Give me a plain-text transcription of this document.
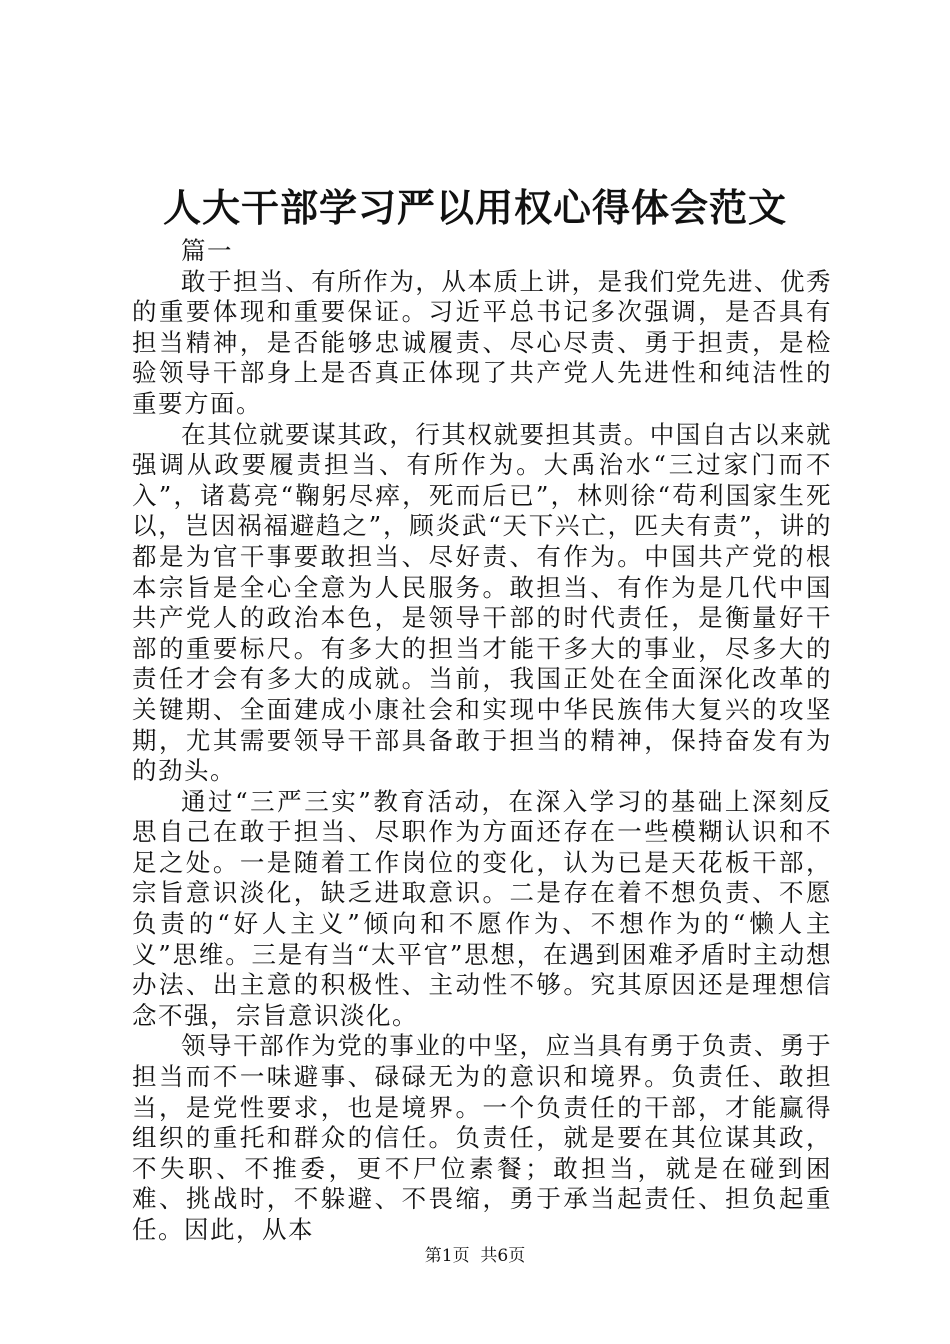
人大干部学习严以用权心得体会范文

篇一

敢于担当、有所作为，从本质上讲，是我们党先进、优秀的重要体现和重要保证。习近平总书记多次强调，是否具有担当精神，是否能够忠诚履责、尽心尽责、勇于担责，是检验领导干部身上是否真正体现了共产党人先进性和纯洁性的重要方面。

在其位就要谋其政，行其权就要担其责。中国自古以来就强调从政要履责担当、有所作为。大禹治水“三过家门而不入”，诸葛亮“鞠躬尽瘁，死而后已”，林则徐“苟利国家生死以，岂因祸福避趋之”，顾炎武“天下兴亡，匹夫有责”，讲的都是为官干事要敢担当、尽好责、有作为。中国共产党的根本宗旨是全心全意为人民服务。敢担当、有作为是几代中国共产党人的政治本色，是领导干部的时代责任，是衡量好干部的重要标尺。有多大的担当才能干多大的事业，尽多大的责任才会有多大的成就。当前，我国正处在全面深化改革的关键期、全面建成小康社会和实现中华民族伟大复兴的攻坚期，尤其需要领导干部具备敢于担当的精神，保持奋发有为的劲头。

通过“三严三实”教育活动，在深入学习的基础上深刻反思自己在敢于担当、尽职作为方面还存在一些模糊认识和不足之处。一是随着工作岗位的变化，认为已是天花板干部，宗旨意识淡化，缺乏进取意识。二是存在着不想负责、不愿负责的“好人主义”倾向和不愿作为、不想作为的“懒人主义”思维。三是有当“太平官”思想，在遇到困难矛盾时主动想办法、出主意的积极性、主动性不够。究其原因还是理想信念不强，宗旨意识淡化。

领导干部作为党的事业的中坚，应当具有勇于负责、勇于担当而不一味避事、碌碌无为的意识和境界。负责任、敢担当，是党性要求，也是境界。一个负责任的干部，才能赢得组织的重托和群众的信任。负责任，就是要在其位谋其政，不失职、不推委，更不尸位素餐；敢担当，就是在碰到困难、挑战时，不躲避、不畏缩，勇于承当起责任、担负起重任。因此，从本

第1页  共6页
